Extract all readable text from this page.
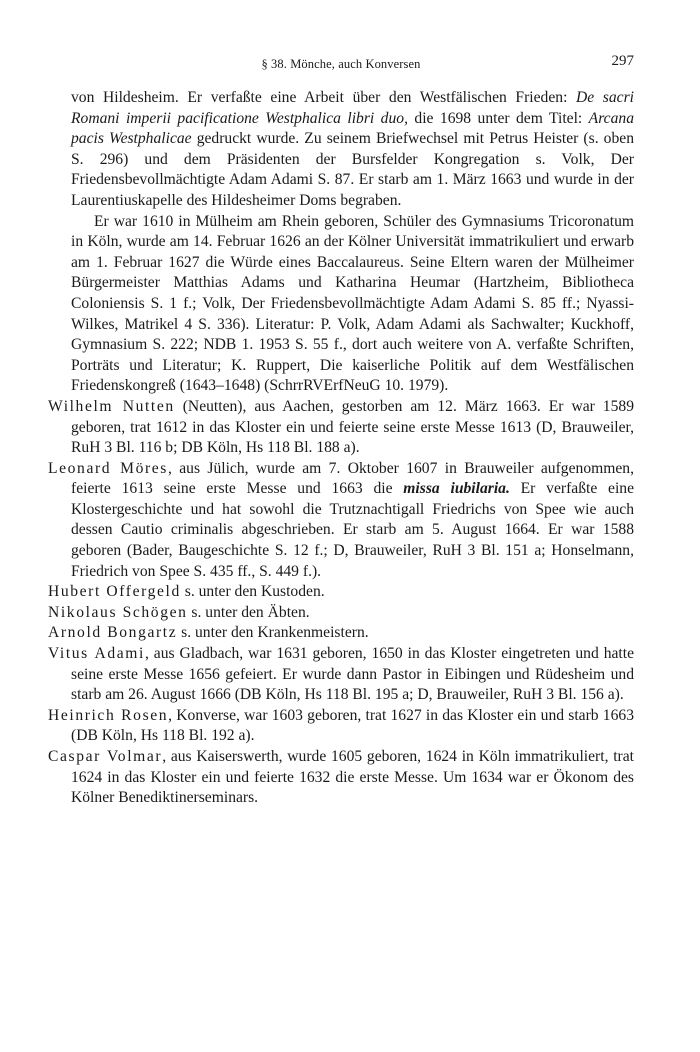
§ 38. Mönche, auch Konversen	297

von Hildesheim. Er verfaßte eine Arbeit über den Westfälischen Frieden: De sacri Romani imperii pacificatione Westphalica libri duo, die 1698 unter dem Titel: Arcana pacis Westphalicae gedruckt wurde. Zu seinem Briefwechsel mit Petrus Heister (s. oben S. 296) und dem Präsidenten der Bursfelder Kongregation s. Volk, Der Friedensbevollmächtigte Adam Adami S. 87. Er starb am 1. März 1663 und wurde in der Laurentiuskapelle des Hildesheimer Doms begraben.

Er war 1610 in Mülheim am Rhein geboren, Schüler des Gymnasiums Tricoronatum in Köln, wurde am 14. Februar 1626 an der Kölner Universität immatrikuliert und erwarb am 1. Februar 1627 die Würde eines Baccalaureus. Seine Eltern waren der Mülheimer Bürgermeister Matthias Adams und Katharina Heumar (Hartzheim, Bibliotheca Coloniensis S. 1 f.; Volk, Der Friedensbevollmächtigte Adam Adami S. 85 ff.; Nyassi-Wilkes, Matrikel 4 S. 336). Literatur: P. Volk, Adam Adami als Sachwalter; Kuckhoff, Gymnasium S. 222; NDB 1. 1953 S. 55 f., dort auch weitere von A. verfaßte Schriften, Porträts und Literatur; K. Ruppert, Die kaiserliche Politik auf dem Westfälischen Friedenskongreß (1643–1648) (SchrrRVErfNeuG 10. 1979).

Wilhelm Nutten (Neutten), aus Aachen, gestorben am 12. März 1663. Er war 1589 geboren, trat 1612 in das Kloster ein und feierte seine erste Messe 1613 (D, Brauweiler, RuH 3 Bl. 116 b; DB Köln, Hs 118 Bl. 188 a).

Leonard Möres, aus Jülich, wurde am 7. Oktober 1607 in Brauweiler aufgenommen, feierte 1613 seine erste Messe und 1663 die missa iubilaria. Er verfaßte eine Klostergeschichte und hat sowohl die Trutznachtigall Friedrichs von Spee wie auch dessen Cautio criminalis abgeschrieben. Er starb am 5. August 1664. Er war 1588 geboren (Bader, Baugeschichte S. 12 f.; D, Brauweiler, RuH 3 Bl. 151 a; Honselmann, Friedrich von Spee S. 435 ff., S. 449 f.).

Hubert Offergeld s. unter den Kustoden.

Nikolaus Schögen s. unter den Äbten.

Arnold Bongartz s. unter den Krankenmeistern.

Vitus Adami, aus Gladbach, war 1631 geboren, 1650 in das Kloster eingetreten und hatte seine erste Messe 1656 gefeiert. Er wurde dann Pastor in Eibingen und Rüdesheim und starb am 26. August 1666 (DB Köln, Hs 118 Bl. 195 a; D, Brauweiler, RuH 3 Bl. 156 a).

Heinrich Rosen, Konverse, war 1603 geboren, trat 1627 in das Kloster ein und starb 1663 (DB Köln, Hs 118 Bl. 192 a).

Caspar Volmar, aus Kaiserswerth, wurde 1605 geboren, 1624 in Köln immatrikuliert, trat 1624 in das Kloster ein und feierte 1632 die erste Messe. Um 1634 war er Ökonom des Kölner Benediktinerseminars.
